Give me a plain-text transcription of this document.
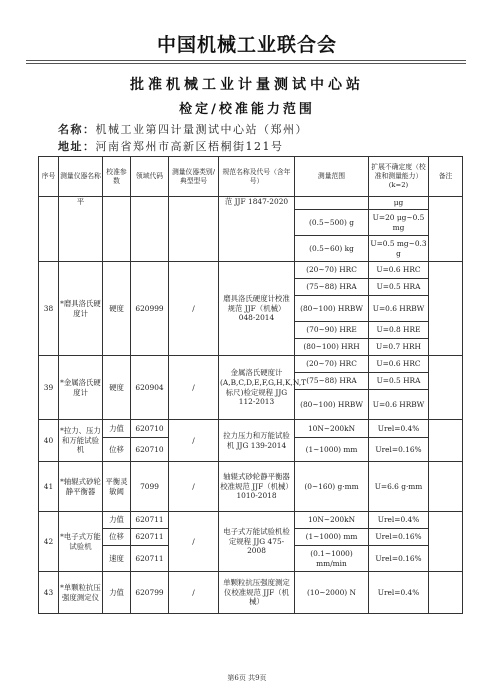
中国机械工业联合会
批准机械工业计量测试中心站
检定/校准能力范围
名称：机械工业第四计量测试中心站（郑州）
地址：河南省郑州市高新区梧桐街121号
序号	测量仪器名称	校准参数	领域代码	测量仪器类别/典型型号	规范名称及代号（含年号）	测量范围	扩展不确定度（校准和测量能力）(k=2)	备注
	平				范 JJF 1847-2020		μg	
						(0.5~500) g	U=20 μg~0.5 mg	
						(0.5~60) kg	U=0.5 mg~0.3 g	
38	*磨具洛氏硬度计	硬度	620999	/	磨具洛氏硬度计校准规范 JJF（机械）048-2014	(20~70) HRC	U=0.6 HRC	
						(75~88) HRA	U=0.5 HRA	
						(80~100) HRBW	U=0.6 HRBW	

						(70~90) HRE	U=0.8 HRE	
						(80~100) HRH	U=0.7 HRH	
39	*金属洛氏硬度计	硬度	620904	/	金属洛氏硬度计(A,B,C,D,E,F,G,H,K,N,T 标尺)检定规程 JJG 112-2013	(20~70) HRC	U=0.6 HRC	
						(75~88) HRA	U=0.5 HRA	
						(80~100) HRBW	U=0.6 HRBW	
40	*拉力、压力和万能试验机	力值	620710	/	拉力压力和万能试验机 JJG 139-2014	10N~200kN	Urel=0.4%	
		位移	620710			(1~1000) mm	Urel=0.16%	
41	*轴辊式砂轮静平衡器	平衡灵敏阈	7099	/	轴辊式砂轮静平衡器校准规范 JJF（机械）1010-2018	(0~160) g·mm	U=6.6 g·mm	
42	*电子式万能试验机	力值	620711	/	电子式万能试验机检定规程 JJG 475-2008	10N~200kN	Urel=0.4%	
		位移	620711			(1~1000) mm	Urel=0.16%	
		速度	620711			(0.1~1000) mm/min	Urel=0.16%	
43	*单颗粒抗压强度测定仪	力值	620799	/	单颗粒抗压强度测定仪校准规范 JJF（机械）	(10~2000) N	Urel=0.4%	
第6页 共9页
